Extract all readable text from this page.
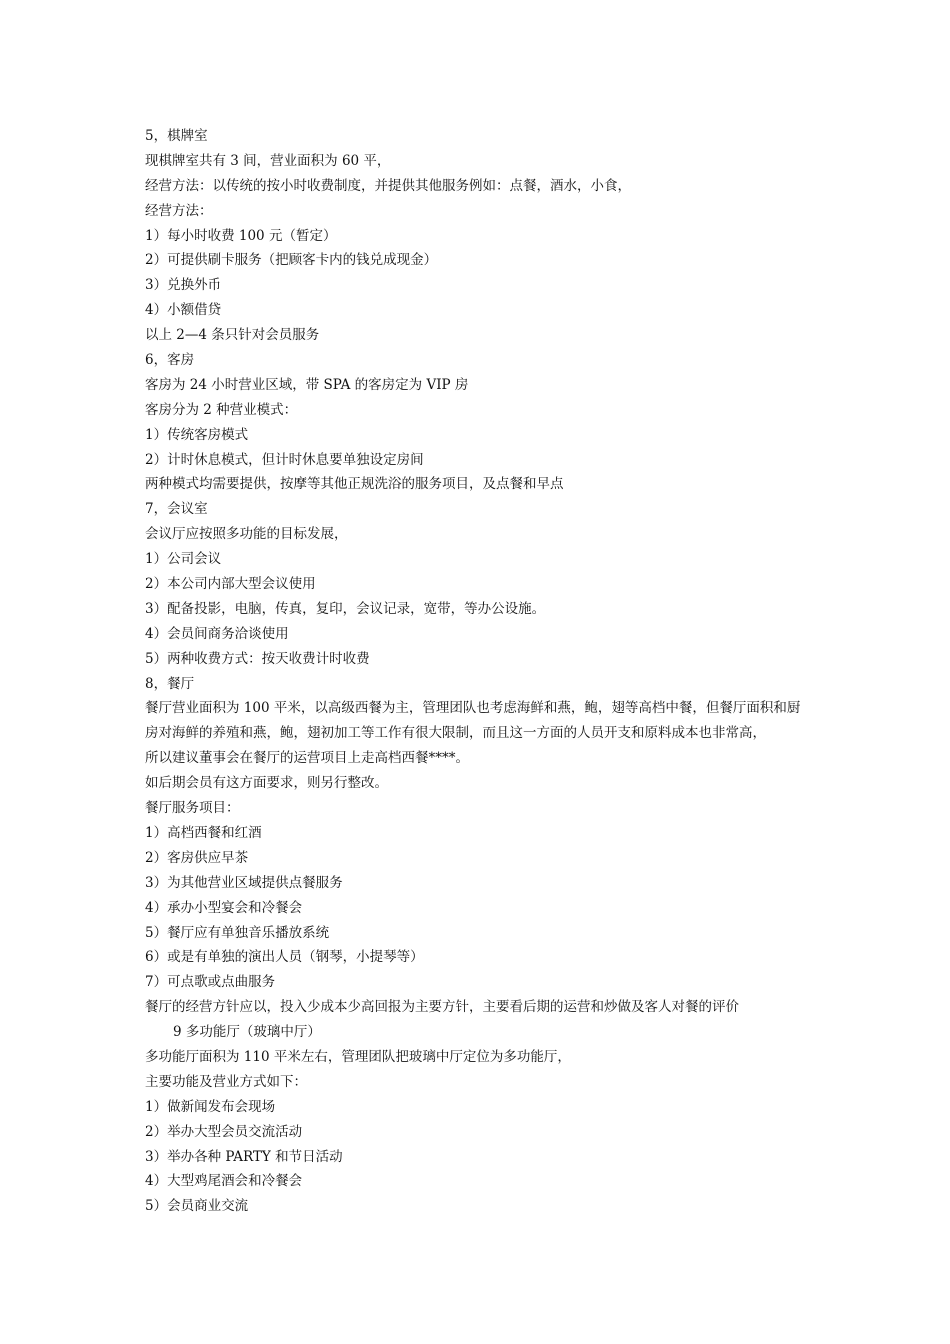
5，棋牌室
现棋牌室共有 3 间，营业面积为 60 平，
经营方法：以传统的按小时收费制度，并提供其他服务例如：点餐，酒水，小食，
经营方法：
1）每小时收费 100 元（暂定）
2）可提供刷卡服务（把顾客卡内的钱兑成现金）
3）兑换外币
4）小额借贷
以上 2—4 条只针对会员服务
6，客房
客房为 24 小时营业区域，带 SPA 的客房定为 VIP 房
客房分为 2 种营业模式：
1）传统客房模式
2）计时休息模式，但计时休息要单独设定房间
两种模式均需要提供，按摩等其他正规洗浴的服务项目，及点餐和早点
7，会议室
会议厅应按照多功能的目标发展，
1）公司会议
2）本公司内部大型会议使用
3）配备投影，电脑，传真，复印，会议记录，宽带，等办公设施。
4）会员间商务洽谈使用
5）两种收费方式：按天收费计时收费
8，餐厅
餐厅营业面积为 100 平米，以高级西餐为主，管理团队也考虑海鲜和燕，鲍，翅等高档中餐，但餐厅面积和厨
房对海鲜的养殖和燕，鲍，翅初加工等工作有很大限制，而且这一方面的人员开支和原料成本也非常高，
所以建议董事会在餐厅的运营项目上走高档西餐****。
如后期会员有这方面要求，则另行整改。
餐厅服务项目：
1）高档西餐和红酒
2）客房供应早茶
3）为其他营业区域提供点餐服务
4）承办小型宴会和冷餐会
5）餐厅应有单独音乐播放系统
6）或是有单独的演出人员（钢琴，小提琴等）
7）可点歌或点曲服务
餐厅的经营方针应以，投入少成本少高回报为主要方针，主要看后期的运营和炒做及客人对餐的评价
9 多功能厅（玻璃中厅）
多功能厅面积为 110 平米左右，管理团队把玻璃中厅定位为多功能厅，
主要功能及营业方式如下：
1）做新闻发布会现场
2）举办大型会员交流活动
3）举办各种 PARTY 和节日活动
4）大型鸡尾酒会和冷餐会
5）会员商业交流
